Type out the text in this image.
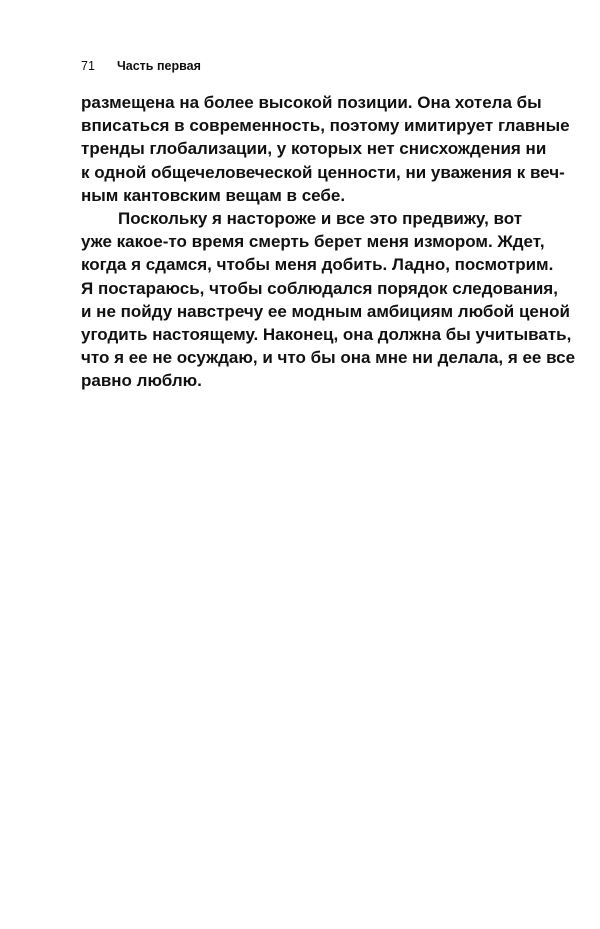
71 Часть первая
размещена на более высокой позиции. Она хотела бы
вписаться в современность, поэтому имитирует главные
тренды глобализации, у которых нет снисхождения ни
к одной общечеловеческой ценности, ни уважения к веч-
ным кантовским вещам в себе.
Поскольку я настороже и все это предвижу, вот
уже какое-то время смерть берет меня измором. Ждет,
когда я сдамся, чтобы меня добить. Ладно, посмотрим.
Я постараюсь, чтобы соблюдался порядок следования,
и не пойду навстречу ее модным амбициям любой ценой
угодить настоящему. Наконец, она должна бы учитывать,
что я ее не осуждаю, и что бы она мне ни делала, я ее все
равно люблю.
